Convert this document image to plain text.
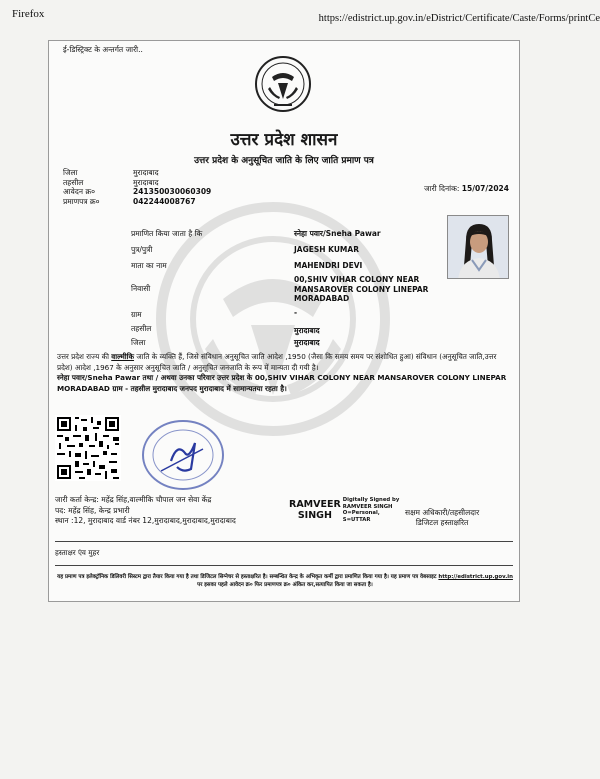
Firefox	https://edistrict.up.gov.in/eDistrict/Certificate/Caste/Forms/printCe
ई-डिस्ट्रिक्ट के अन्तर्गत जारी..
उत्तर प्रदेश शासन
उत्तर प्रदेश के अनुसूचित जाति के लिए जाति प्रमाण पत्र
जिला	मुरादाबाद
तहसील	मुरादाबाद
आवेदन क्र०	241350030060309
प्रमाणपत्र क्र०	042244008767
जारी दिनांक: 15/07/2024
प्रमाणित किया जाता है कि	स्नेहा पवार/Sneha Pawar
पुत्र/पुत्री	JAGESH KUMAR
माता का नाम	MAHENDRI DEVI
निवासी
00,SHIV VIHAR COLONY NEAR MANSAROVER COLONY LINEPAR MORADABAD
ग्राम	-
तहसील	मुरादाबाद
जिला	मुरादाबाद
उत्तर प्रदेश राज्य की वाल्मीकि जाति के व्यक्ति हैं, जिसे संविधान अनुसूचित जाति आदेश ,1950 (जैसा कि समय समय पर संशोधित हुआ) संविधान (अनुसूचित जाति,उत्तर प्रदेश) आदेश ,1967 के अनुसार अनुसूचित जाति / अनुसूचित जनजाति के रूप में मान्यता दी गयी है।
स्नेहा पवार/Sneha Pawar तथा / अथवा उनका परिवार उत्तर प्रदेश के 00,SHIV VIHAR COLONY NEAR MANSAROVER COLONY LINEPAR MORADABAD ग्राम - तहसील मुरादाबाद जनपद मुरादाबाद में सामान्यतया रहता है।
जारी कर्ता केन्द्र: महेंद्र सिंह,वाल्मीकि चौपाल जन सेवा केंद्र
पद: महेंद्र सिंह, केन्द्र प्रभारी
स्थान :12, मुरादाबाद वार्ड नंबर 12,मुरादाबाद,मुरादाबाद,मुरादाबाद
RAMVEER
SINGH
Digitally Signed by
RAMVEER SINGH
O=Personal,
S=UTTAR
सक्षम अधिकारी/तहसीलदार
डिजिटल हस्ताक्षरित
हस्ताक्षर एंव मुहर
यह प्रमाण पत्र इलेक्ट्रॉनिक डिलिवरी सिस्टम द्वारा तैयार किया गया है तथा डिजिटल सिग्नेचर से हस्ताक्षरित है। सम्बन्धित केन्द्र के अभिकृत कर्मी द्वारा प्रमाणित किया गया है। यह प्रमाण पत्र वेबसाइट http://edistrict.up.gov.in पर इसका पहले आवेदन क्र० फिर प्रमाणपत्र क्र० अंकित कर,सत्यापित किया जा सकता है।
